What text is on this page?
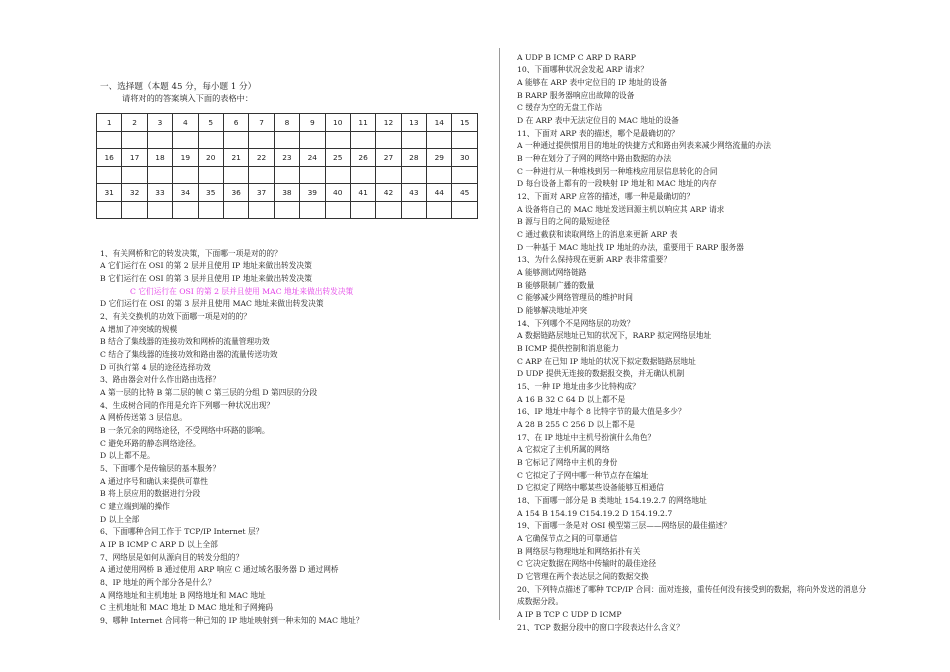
一、选择题（本题 45 分，每小题 1 分）
请将对的的答案填入下面的表格中：
1	2	3	4	5	6	7	8	9	10	11	12	13	14	15

16	17	18	19	20	21	22	23	24	25	26	27	28	29	30

31	32	33	34	35	36	37	38	39	40	41	42	43	44	45

1、有关网桥和它的转发决策，下面哪一项是对的的？
A 它们运行在 OSI 的第 2 层并且使用 IP 地址来做出转发决策
B 它们运行在 OSI 的第 3 层并且使用 IP 地址来做出转发决策
C 它们运行在 OSI 的第 2 层并且使用 MAC 地址来做出转发决策
D 它们运行在 OSI 的第 3 层并且使用 MAC 地址来做出转发决策
2、有关交换机的功效下面哪一项是对的的？
A 增加了冲突域的规模
B 结合了集线器的连接功效和网桥的流量管理功效
C 结合了集线器的连接功效和路由器的流量传送功效
D 可执行第 4 层的途径选择功效
3、路由器会对什么作出路由选择？
A 第一层的比特 B 第二层的帧 C 第三层的分组 D 第四层的分段
4、生成树合同的作用是允许下列哪一种状况出现？
A 网桥传送第 3 层信息。
B 一条冗余的网络途径，不受网络中环路的影响。
C 避免环路的静态网络途径。
D 以上都不是。
5、下面哪个是传输层的基本服务？
A 通过序号和确认来提供可靠性
B 将上层应用的数据进行分段
C 建立端到端的操作
D 以上全部
6、下面哪种合同工作于 TCP/IP Internet 层？
A IP B ICMP C ARP D 以上全部
7、网络层是如何从源向目的转发分组的？
A 通过使用网桥 B 通过使用 ARP 响应 C 通过域名服务器 D 通过网桥
8、IP 地址的两个部分各是什么？
A 网络地址和主机地址 B 网络地址和 MAC 地址
C 主机地址和 MAC 地址 D MAC 地址和子网掩码
9、哪种 Internet 合同将一种已知的 IP 地址映射到一种未知的 MAC 地址？
A UDP B ICMP C ARP D RARP
10、下面哪种状况会发起 ARP 请求？
A 能够在 ARP 表中定位目的 IP 地址的设备
B RARP 服务器响应出故障的设备
C 缓存为空的无盘工作站
D 在 ARP 表中无法定位目的 MAC 地址的设备
11、下面对 ARP 表的描述，哪个是最确切的？
A 一种通过提供惯用目的地址的快捷方式和路由列表来减少网络流量的办法
B 一种在划分了子网的网络中路由数据的办法
C 一种进行从一种堆栈到另一种堆栈应用层信息转化的合同
D 每台设备上都有的一段映射 IP 地址和 MAC 地址的内存
12、下面对 ARP 应答的描述，哪一种是最确切的？
A 设备将自己的 MAC 地址发送回源主机以响应其 ARP 请求
B 源与目的之间的最短途径
C 通过截获和读取网络上的消息来更新 ARP 表
D 一种基于 MAC 地址找 IP 地址的办法，重要用于 RARP 服务器
13、为什么保持现在更新 ARP 表非常重要？
A 能够测试网络链路
B 能够限制广播的数量
C 能够减少网络管理员的维护时间
D 能够解决地址冲突
14、下列哪个不是网络层的功效？
A 数据链路层地址已知的状况下，RARP 拟定网络层地址
B ICMP 提供控制和消息能力
C ARP 在已知 IP 地址的状况下拟定数据链路层地址
D UDP 提供无连接的数据报交换，并无确认机制
15、一种 IP 地址由多少比特构成？
A 16 B 32 C 64 D 以上都不是
16、IP 地址中每个 8 比特字节的最大值是多少？
A 28 B 255 C 256 D 以上都不是
17、在 IP 地址中主机号扮演什么角色？
A 它拟定了主机所属的网络
B 它标记了网络中主机的身份
C 它拟定了子网中哪一种节点存在编址
D 它拟定了网络中哪某些设备能够互相通信
18、下面哪一部分是 B 类地址 154.19.2.7 的网络地址
A 154 B 154.19 C154.19.2 D 154.19.2.7
19、下面哪一条是对 OSI 模型第三层——网络层的最佳描述？
A 它确保节点之间的可靠通信
B 网络层与物理地址和网络拓扑有关
C 它决定数据在网络中传输时的最佳途径
D 它管理在两个表达层之间的数据交换
20、下列特点描述了哪种 TCP/IP 合同：面对连接，重传任何没有接受到的数据，将向外发送的消息分
成数据分段。
A IP B TCP C UDP D ICMP
21、TCP 数据分段中的窗口字段表达什么含义？
